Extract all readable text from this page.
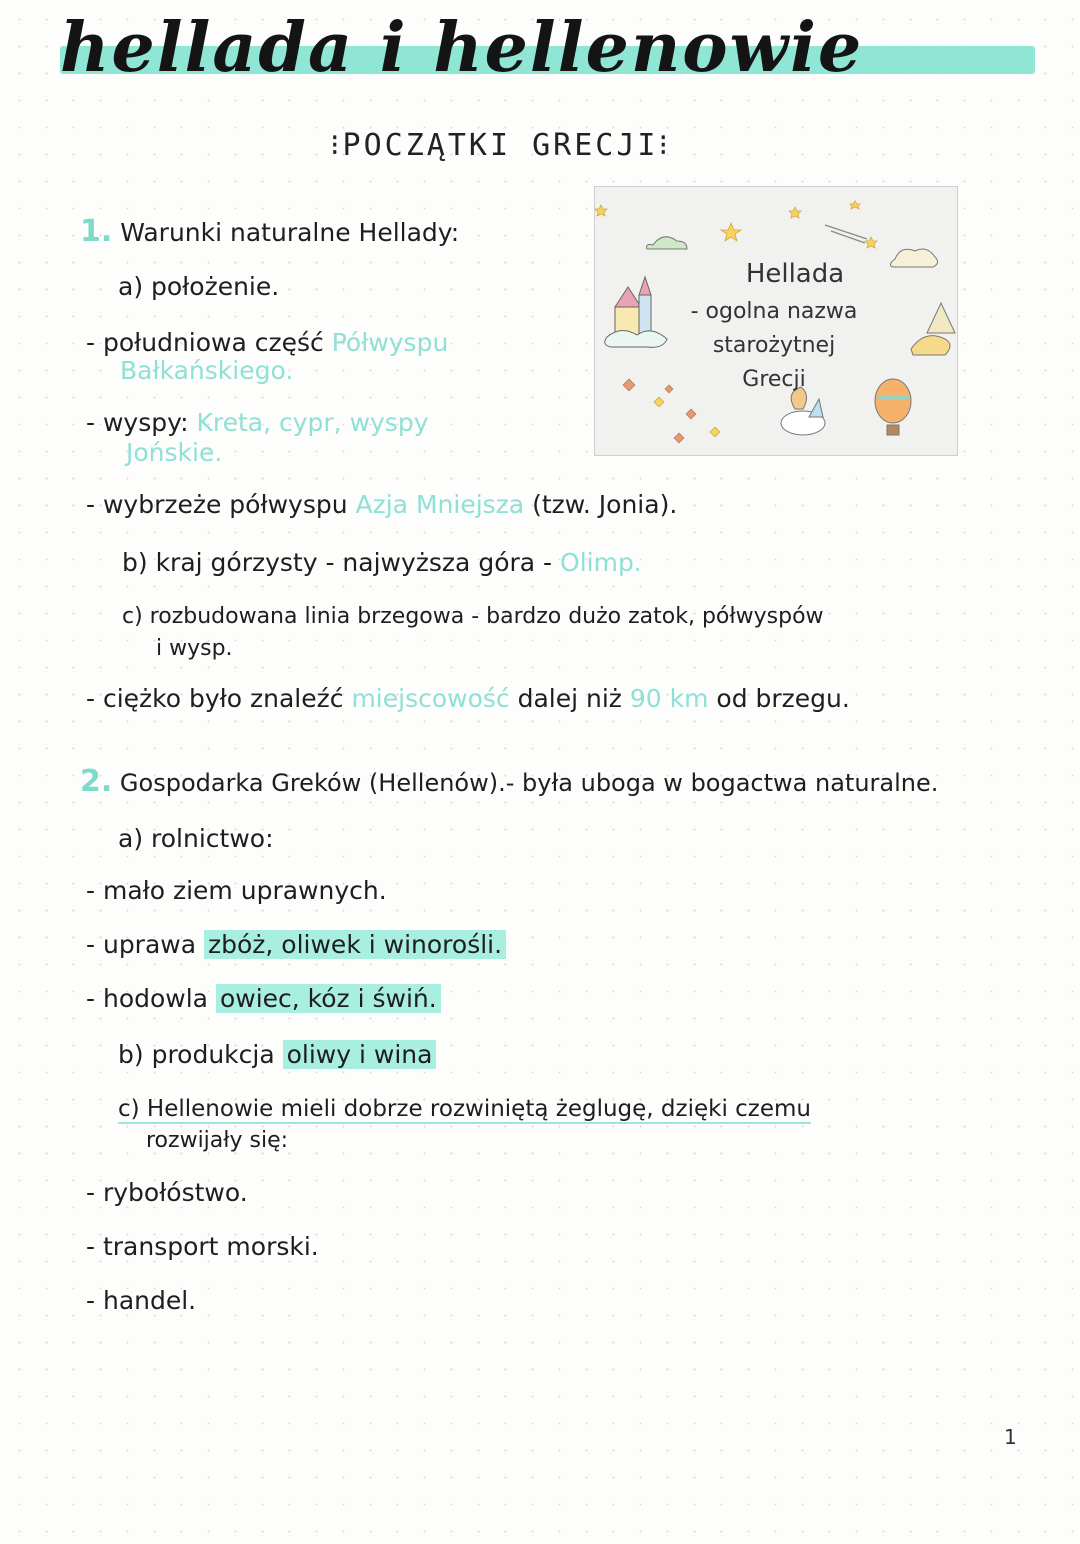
hellada i hellenowie
⁝POCZĄTKI GRECJI⁝
Hellada
- ogolna nazwa
starożytnej
Grecji
1. Warunki naturalne Hellady:
a) położenie.
- południowa część Półwyspu
Bałkańskiego.
- wyspy: Kreta, cypr, wyspy
Jońskie.
- wybrzeże półwyspu Azja Mniejsza (tzw. Jonia).
b) kraj górzysty - najwyższa góra - Olimp.
c) rozbudowana linia brzegowa - bardzo dużo zatok, półwyspów
i wysp.
- ciężko było znaleźć miejscowość dalej niż 90 km od brzegu.
2. Gospodarka Greków (Hellenów).- była uboga w bogactwa naturalne.
a) rolnictwo:
- mało ziem uprawnych.
- uprawa zbóż, oliwek i winorośli.
- hodowla owiec, kóz i świń.
b) produkcja oliwy i wina
c) Hellenowie mieli dobrze rozwiniętą żeglugę, dzięki czemu
rozwijały się:
- rybołóstwo.
- transport morski.
- handel.
1
